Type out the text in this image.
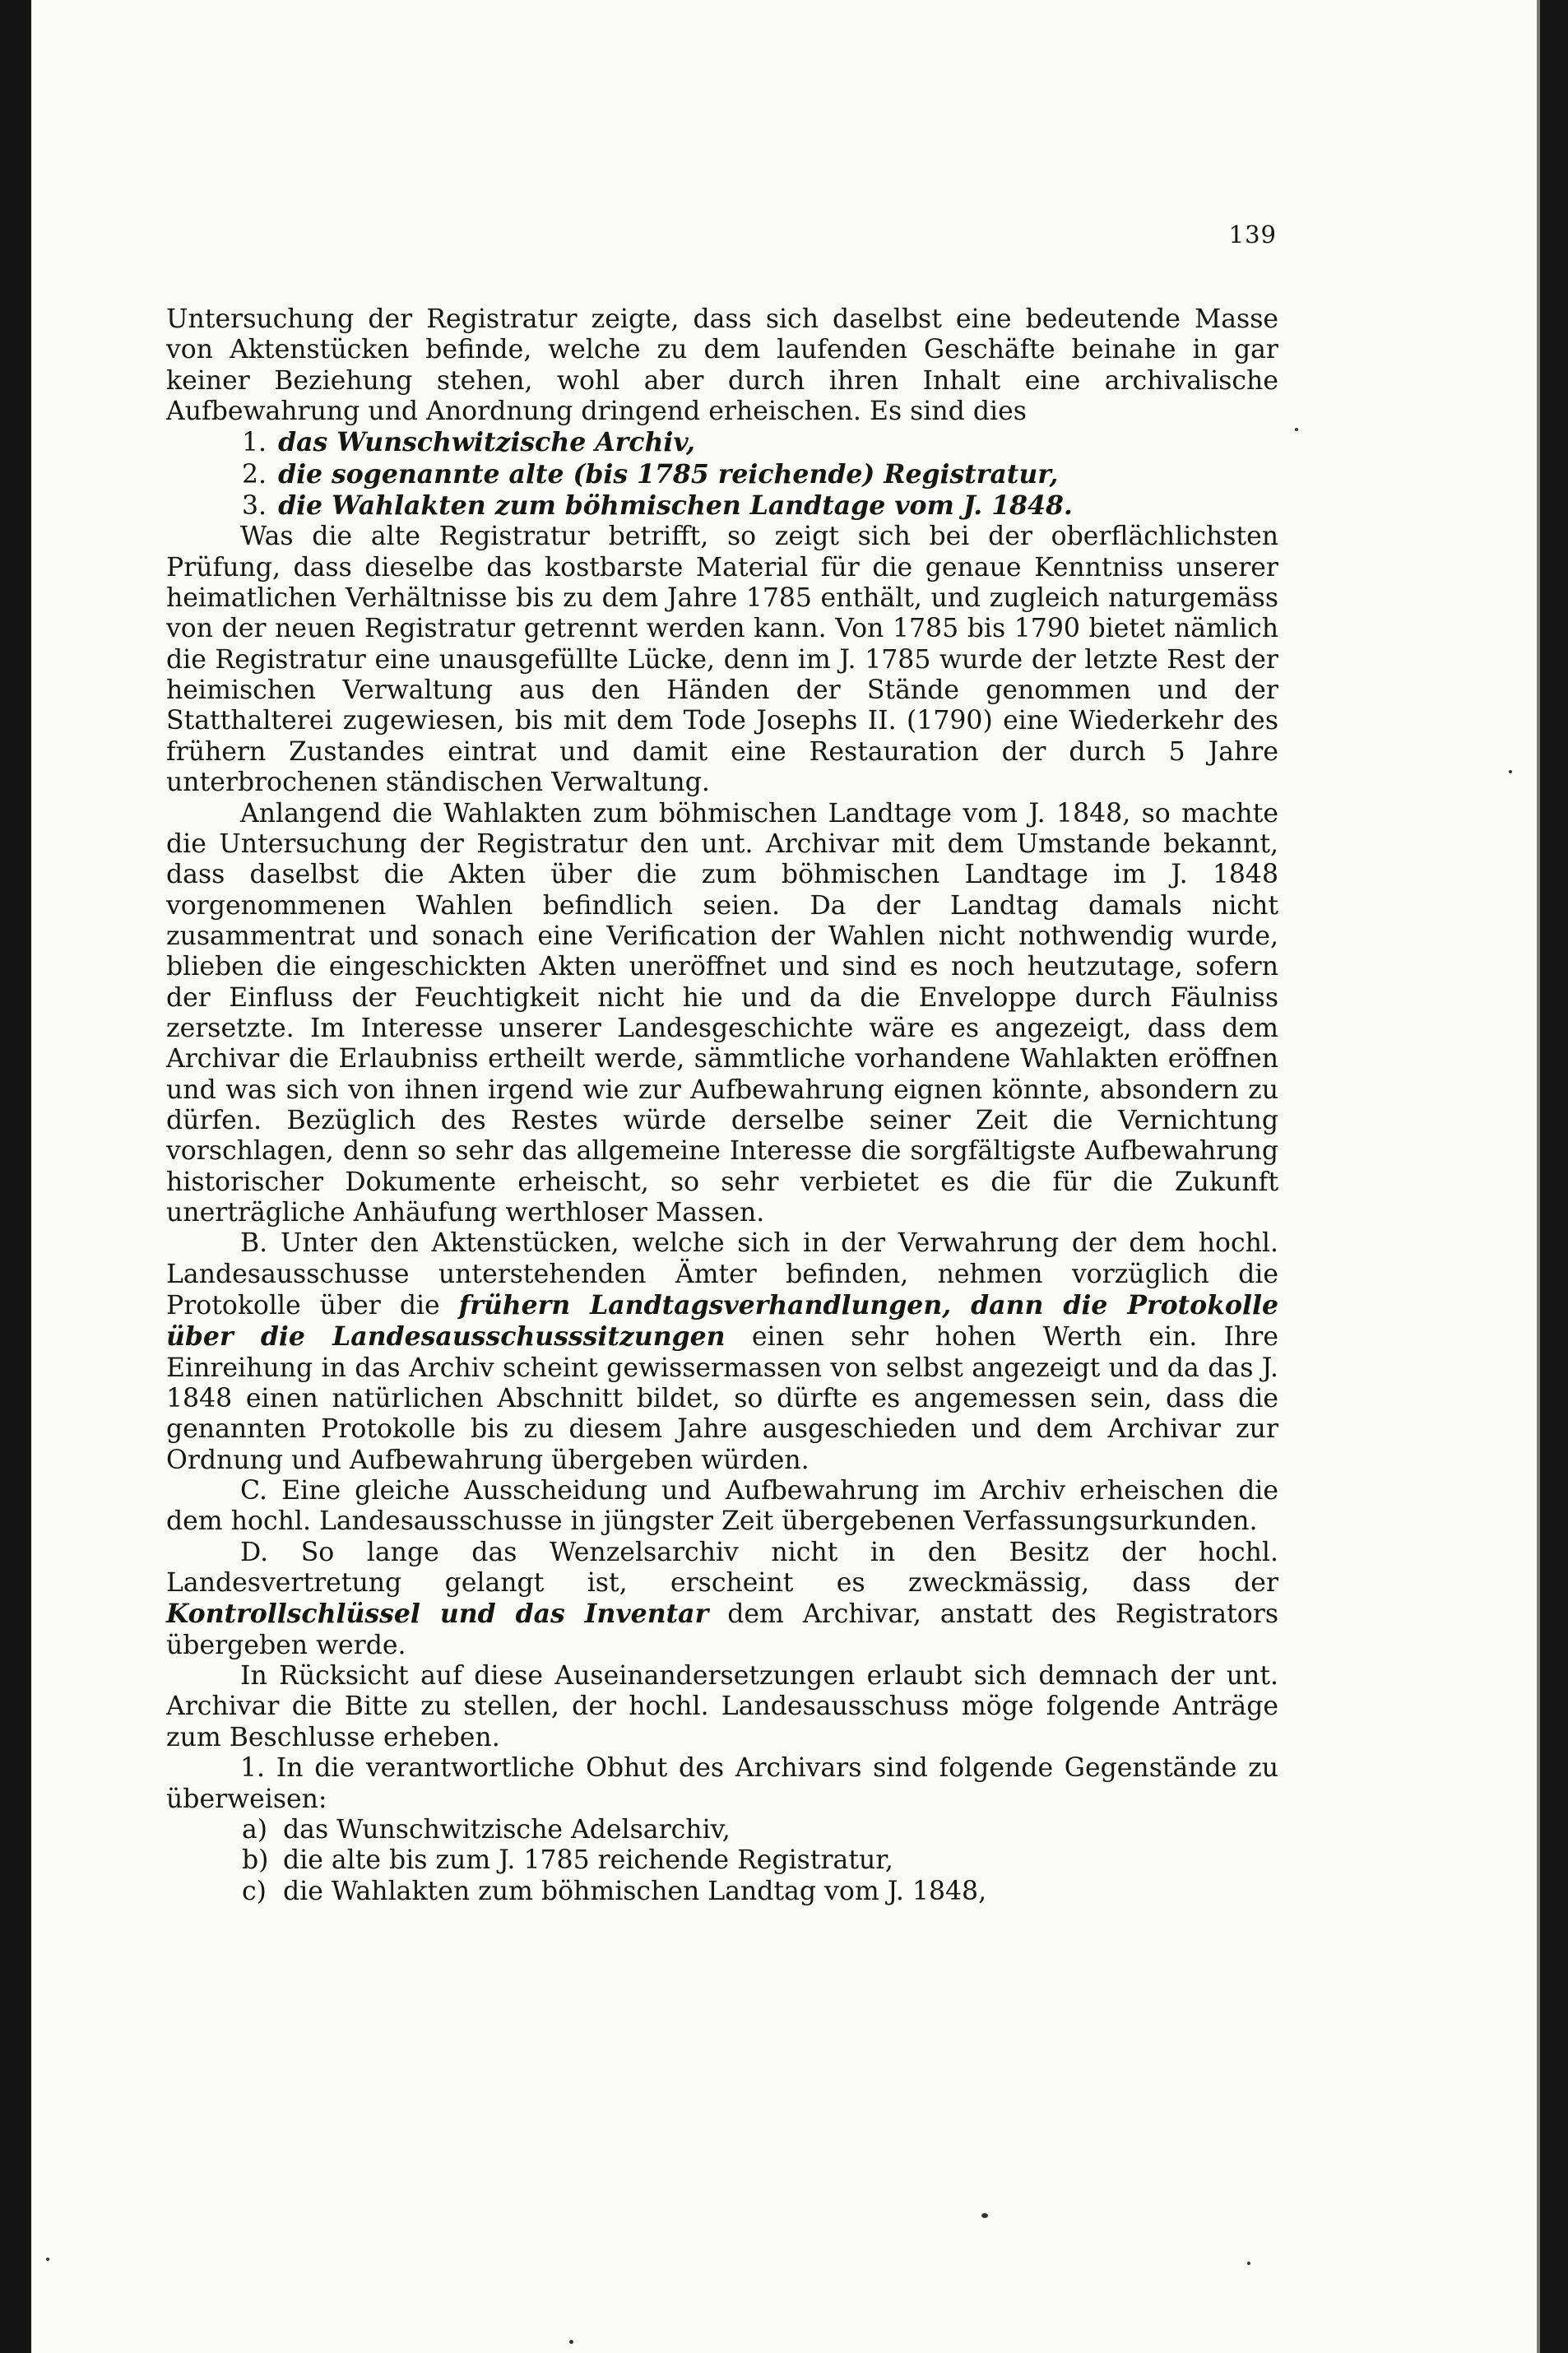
139

Untersuchung der Registratur zeigte, dass sich daselbst eine bedeutende Masse von Aktenstücken befinde, welche zu dem laufenden Geschäfte beinahe in gar keiner Beziehung stehen, wohl aber durch ihren Inhalt eine archivalische Aufbewahrung und Anordnung dringend erheischen. Es sind dies

1. das Wunschwitzische Archiv,
2. die sogenannte alte (bis 1785 reichende) Registratur,
3. die Wahlakten zum böhmischen Landtage vom J. 1848.

Was die alte Registratur betrifft, so zeigt sich bei der oberflächlichsten Prüfung, dass dieselbe das kostbarste Material für die genaue Kenntniss unserer heimatlichen Verhältnisse bis zu dem Jahre 1785 enthält, und zugleich naturgemäss von der neuen Registratur getrennt werden kann. Von 1785 bis 1790 bietet nämlich die Registratur eine unausgefüllte Lücke, denn im J. 1785 wurde der letzte Rest der heimischen Verwaltung aus den Händen der Stände genommen und der Statthalterei zugewiesen, bis mit dem Tode Josephs II. (1790) eine Wiederkehr des frühern Zustandes eintrat und damit eine Restauration der durch 5 Jahre unterbrochenen ständischen Verwaltung.

Anlangend die Wahlakten zum böhmischen Landtage vom J. 1848, so machte die Untersuchung der Registratur den unt. Archivar mit dem Umstande bekannt, dass daselbst die Akten über die zum böhmischen Landtage im J. 1848 vorgenommenen Wahlen befindlich seien. Da der Landtag damals nicht zusammentrat und sonach eine Verification der Wahlen nicht nothwendig wurde, blieben die eingeschickten Akten uneröffnet und sind es noch heutzutage, sofern der Einfluss der Feuchtigkeit nicht hie und da die Enveloppe durch Fäulniss zersetzte. Im Interesse unserer Landesgeschichte wäre es angezeigt, dass dem Archivar die Erlaubniss ertheilt werde, sämmtliche vorhandene Wahlakten eröffnen und was sich von ihnen irgend wie zur Aufbewahrung eignen könnte, absondern zu dürfen. Bezüglich des Restes würde derselbe seiner Zeit die Vernichtung vorschlagen, denn so sehr das allgemeine Interesse die sorgfältigste Aufbewahrung historischer Dokumente erheischt, so sehr verbietet es die für die Zukunft unerträgliche Anhäufung werthloser Massen.

B. Unter den Aktenstücken, welche sich in der Verwahrung der dem hochl. Landesausschusse unterstehenden Ämter befinden, nehmen vorzüglich die Protokolle über die frühern Landtagsverhandlungen, dann die Protokolle über die Landesausschusssitzungen einen sehr hohen Werth ein. Ihre Einreihung in das Archiv scheint gewissermassen von selbst angezeigt und da das J. 1848 einen natürlichen Abschnitt bildet, so dürfte es angemessen sein, dass die genannten Protokolle bis zu diesem Jahre ausgeschieden und dem Archivar zur Ordnung und Aufbewahrung übergeben würden.

C. Eine gleiche Ausscheidung und Aufbewahrung im Archiv erheischen die dem hochl. Landesausschusse in jüngster Zeit übergebenen Verfassungsurkunden.

D. So lange das Wenzelsarchiv nicht in den Besitz der hochl. Landesvertretung gelangt ist, erscheint es zweckmässig, dass der Kontrollschlüssel und das Inventar dem Archivar, anstatt des Registrators übergeben werde.

In Rücksicht auf diese Auseinandersetzungen erlaubt sich demnach der unt. Archivar die Bitte zu stellen, der hochl. Landesausschuss möge folgende Anträge zum Beschlusse erheben.

1. In die verantwortliche Obhut des Archivars sind folgende Gegenstände zu überweisen:

a) das Wunschwitzische Adelsarchiv,
b) die alte bis zum J. 1785 reichende Registratur,
c) die Wahlakten zum böhmischen Landtag vom J. 1848,
